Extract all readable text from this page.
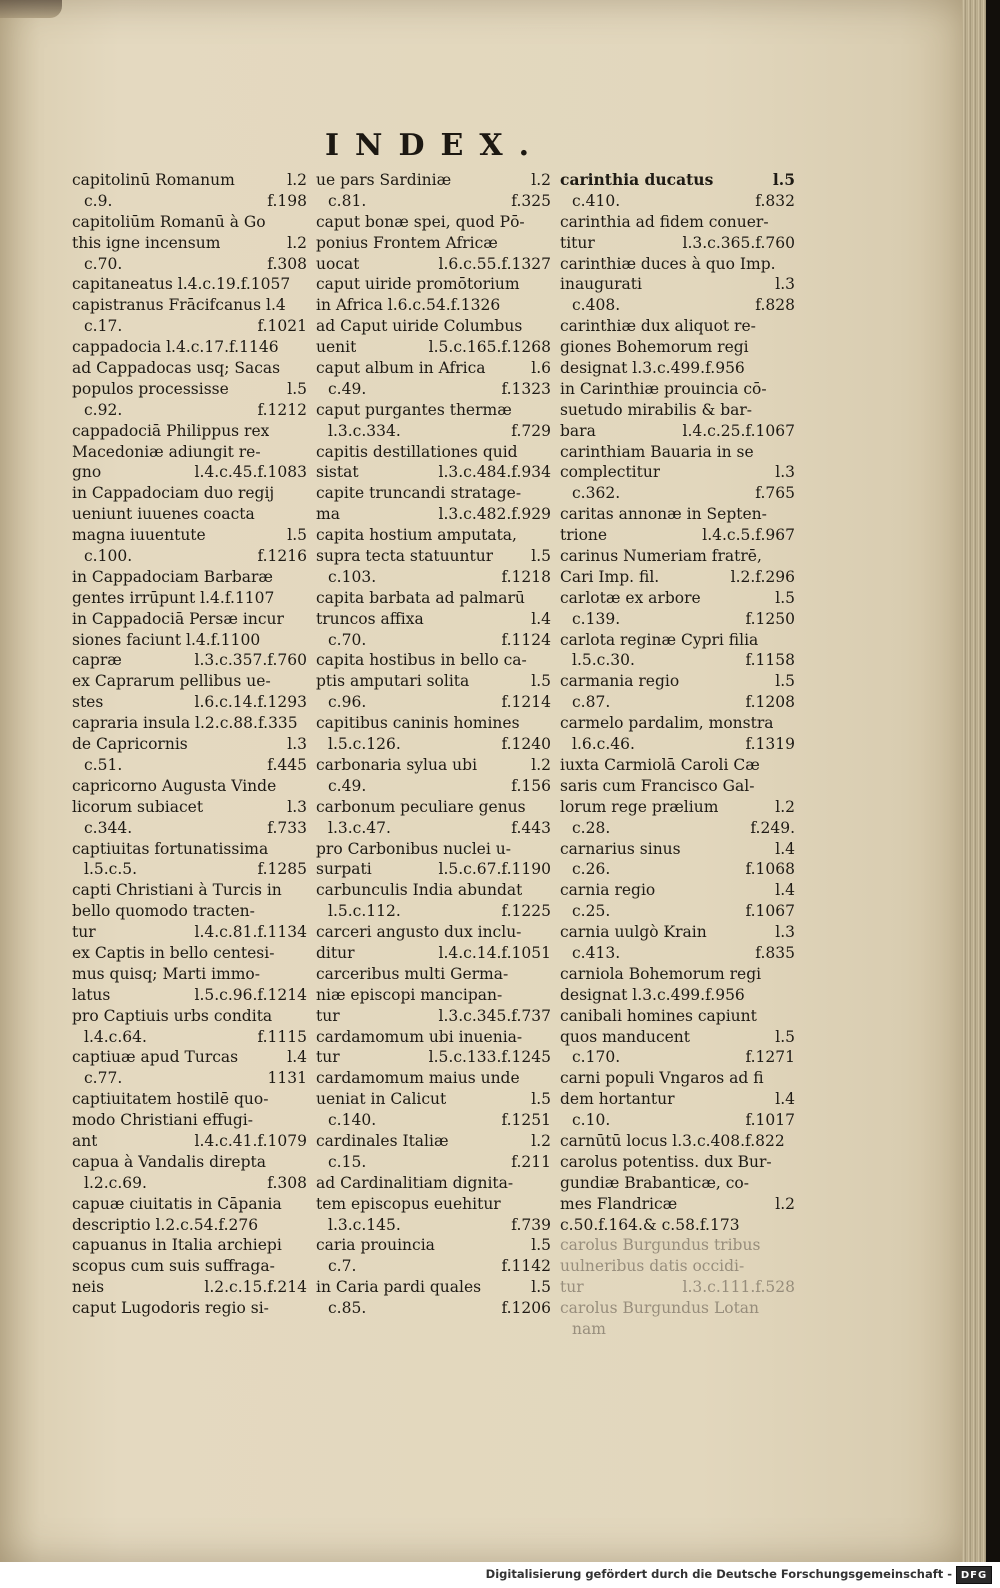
INDEX.
capitolinū Romanum	l.2
c.9.	f.198
capitoliūm Romanū à Go
this igne incensum	l.2
c.70.	f.308
capitaneatus l.4.c.19.f.1057
capistranus Frācifcanus l.4
c.17.	f.1021
cappadocia l.4.c.17.f.1146
ad Cappadocas usq; Sacas
populos processisse	l.5
c.92.	f.1212
cappadociā Philippus rex
Macedoniæ adiungit re-
gno	l.4.c.45.f.1083
in Cappadociam duo regij
ueniunt iuuenes coacta
magna iuuentute	l.5
c.100.	f.1216
in Cappadociam Barbaræ
gentes irrūpunt l.4.f.1107
in Cappadociā Persæ incur
siones faciunt l.4.f.1100
capræ	l.3.c.357.f.760
ex Caprarum pellibus ue-
stes	l.6.c.14.f.1293
capraria insula l.2.c.88.f.335
de Capricornis	l.3
c.51.	f.445
capricorno Augusta Vinde
licorum subiacet	l.3
c.344.	f.733
captiuitas fortunatissima
l.5.c.5.	f.1285
capti Christiani à Turcis in
bello quomodo tracten-
tur	l.4.c.81.f.1134
ex Captis in bello centesi-
mus quisq; Marti immo-
latus	l.5.c.96.f.1214
pro Captiuis urbs condita
l.4.c.64.	f.1115
captiuæ apud Turcas	l.4
c.77.	1131
captiuitatem hostilē quo-
modo Christiani effugi-
ant	l.4.c.41.f.1079
capua à Vandalis direpta
l.2.c.69.	f.308
capuæ ciuitatis in Cāpania
descriptio l.2.c.54.f.276
capuanus in Italia archiepi
scopus cum suis suffraga-
neis	l.2.c.15.f.214
caput Lugodoris regio si-
ue pars Sardiniæ	l.2
c.81.	f.325
caput bonæ spei, quod Pō-
ponius Frontem Africæ
uocat	l.6.c.55.f.1327
caput uiride promōtorium
in Africa l.6.c.54.f.1326
ad Caput uiride Columbus
uenit	l.5.c.165.f.1268
caput album in Africa	l.6
c.49.	f.1323
caput purgantes thermæ
l.3.c.334.	f.729
capitis destillationes quid
sistat	l.3.c.484.f.934
capite truncandi stratage-
ma	l.3.c.482.f.929
capita hostium amputata,
supra tecta statuuntur	l.5
c.103.	f.1218
capita barbata ad palmarū
truncos affixa	l.4
c.70.	f.1124
capita hostibus in bello ca-
ptis amputari solita	l.5
c.96.	f.1214
capitibus caninis homines
l.5.c.126.	f.1240
carbonaria sylua ubi	l.2
c.49.	f.156
carbonum peculiare genus
l.3.c.47.	f.443
pro Carbonibus nuclei u-
surpati	l.5.c.67.f.1190
carbunculis India abundat
l.5.c.112.	f.1225
carceri angusto dux inclu-
ditur	l.4.c.14.f.1051
carceribus multi Germa-
niæ episcopi mancipan-
tur	l.3.c.345.f.737
cardamomum ubi inuenia-
tur	l.5.c.133.f.1245
cardamomum maius unde
ueniat in Calicut	l.5
c.140.	f.1251
cardinales Italiæ	l.2
c.15.	f.211
ad Cardinalitiam dignita-
tem episcopus euehitur
l.3.c.145.	f.739
caria prouincia	l.5
c.7.	f.1142
in Caria pardi quales	l.5
c.85.	f.1206
carinthia ducatus	l.5
c.410.	f.832
carinthia ad fidem conuer-
titur	l.3.c.365.f.760
carinthiæ duces à quo Imp.
inaugurati	l.3
c.408.	f.828
carinthiæ dux aliquot re-
giones Bohemorum regi
designat l.3.c.499.f.956
in Carinthiæ prouincia cō-
suetudo mirabilis & bar-
bara	l.4.c.25.f.1067
carinthiam Bauaria in se
complectitur	l.3
c.362.	f.765
caritas annonæ in Septen-
trione	l.4.c.5.f.967
carinus Numeriam fratrē,
Cari Imp. fil.	l.2.f.296
carlotæ ex arbore	l.5
c.139.	f.1250
carlota reginæ Cypri filia
l.5.c.30.	f.1158
carmania regio	l.5
c.87.	f.1208
carmelo pardalim, monstra
l.6.c.46.	f.1319
iuxta Carmiolā Caroli Cæ
saris cum Francisco Gal-
lorum rege prælium	l.2
c.28.	f.249.
carnarius sinus	l.4
c.26.	f.1068
carnia regio	l.4
c.25.	f.1067
carnia uulgò Krain	l.3
c.413.	f.835
carniola Bohemorum regi
designat l.3.c.499.f.956
canibali homines capiunt
quos manducent	l.5
c.170.	f.1271
carni populi Vngaros ad fi
dem hortantur	l.4
c.10.	f.1017
carnūtū locus l.3.c.408.f.822
carolus potentiss. dux Bur-
gundiæ Brabanticæ, co-
mes Flandricæ	l.2
c.50.f.164.& c.58.f.173
carolus Burgundus tribus
uulneribus datis occidi-
tur	l.3.c.111.f.528
carolus Burgundus Lotan
nam
Digitalisierung gefördert durch die Deutsche Forschungsgemeinschaft - DFG
